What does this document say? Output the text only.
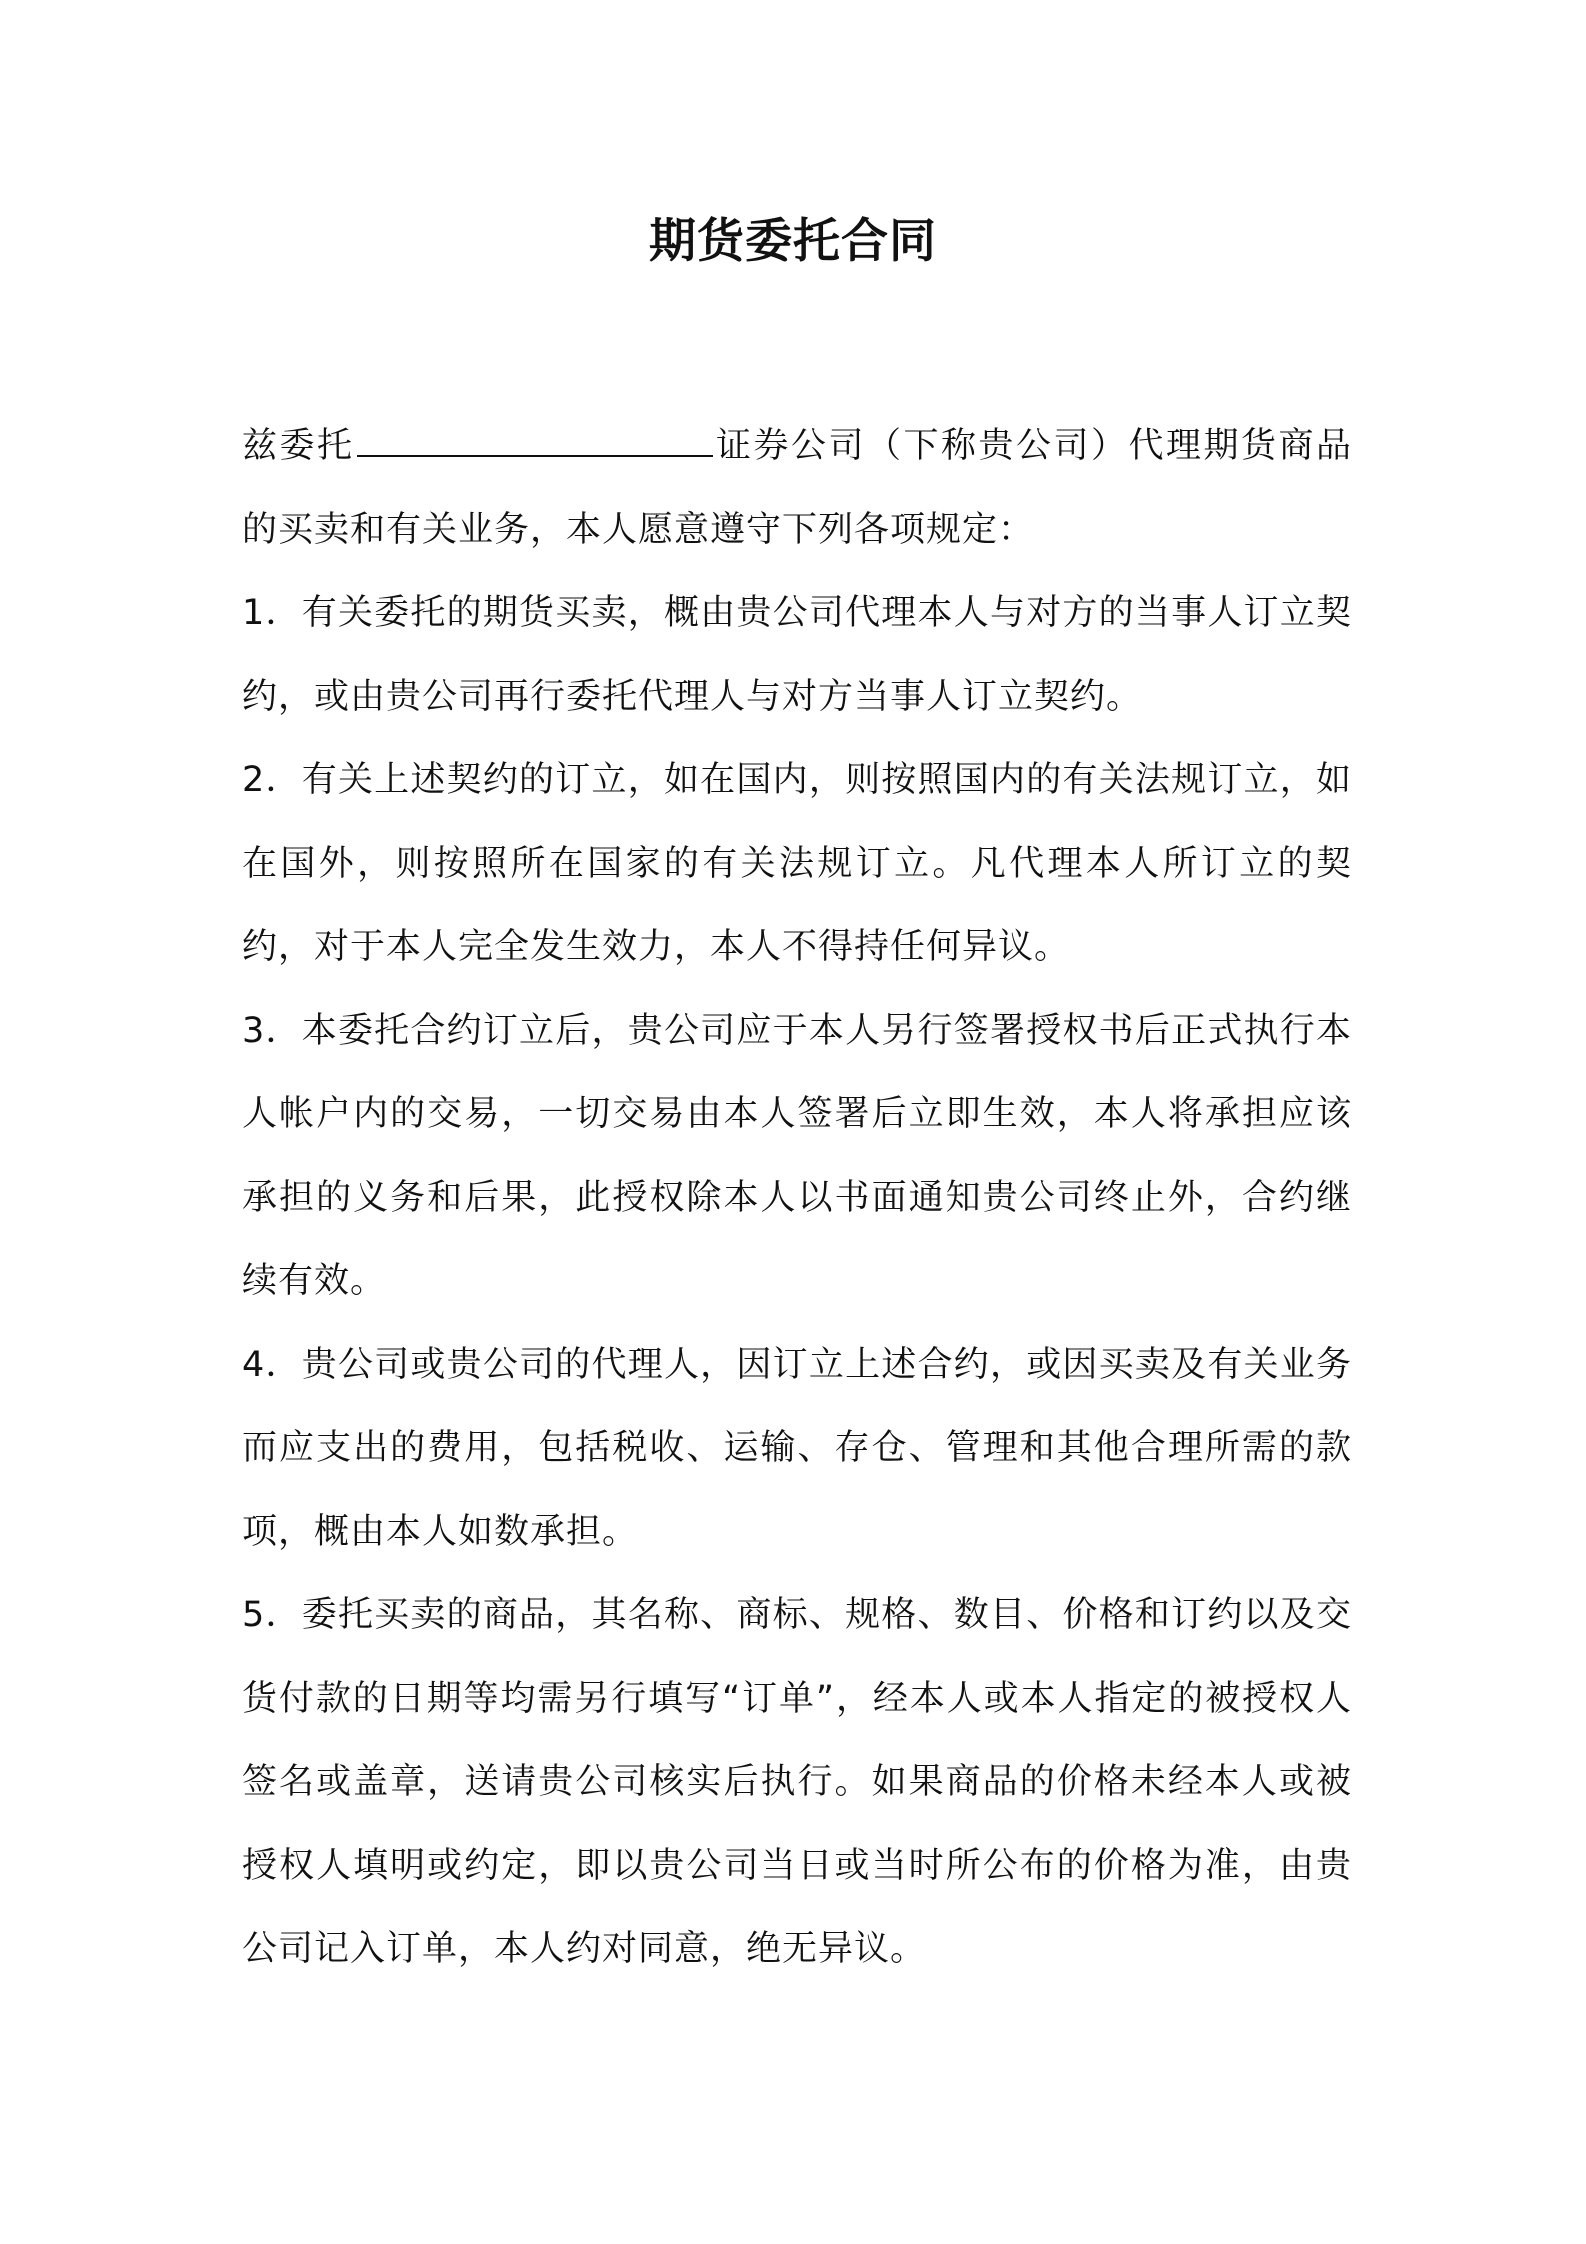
期货委托合同

兹委托	证券公司（下称贵公司）代理期货商品的买卖和有关业务，本人愿意遵守下列各项规定：

1．有关委托的期货买卖，概由贵公司代理本人与对方的当事人订立契约，或由贵公司再行委托代理人与对方当事人订立契约。

2．有关上述契约的订立，如在国内，则按照国内的有关法规订立，如在国外，则按照所在国家的有关法规订立。凡代理本人所订立的契约，对于本人完全发生效力，本人不得持任何异议。

3．本委托合约订立后，贵公司应于本人另行签署授权书后正式执行本人帐户内的交易，一切交易由本人签署后立即生效，本人将承担应该承担的义务和后果，此授权除本人以书面通知贵公司终止外，合约继续有效。

4．贵公司或贵公司的代理人，因订立上述合约，或因买卖及有关业务而应支出的费用，包括税收、运输、存仓、管理和其他合理所需的款项，概由本人如数承担。

5．委托买卖的商品，其名称、商标、规格、数目、价格和订约以及交货付款的日期等均需另行填写“订单”，经本人或本人指定的被授权人签名或盖章，送请贵公司核实后执行。如果商品的价格未经本人或被授权人填明或约定，即以贵公司当日或当时所公布的价格为准，由贵公司记入订单，本人约对同意，绝无异议。
